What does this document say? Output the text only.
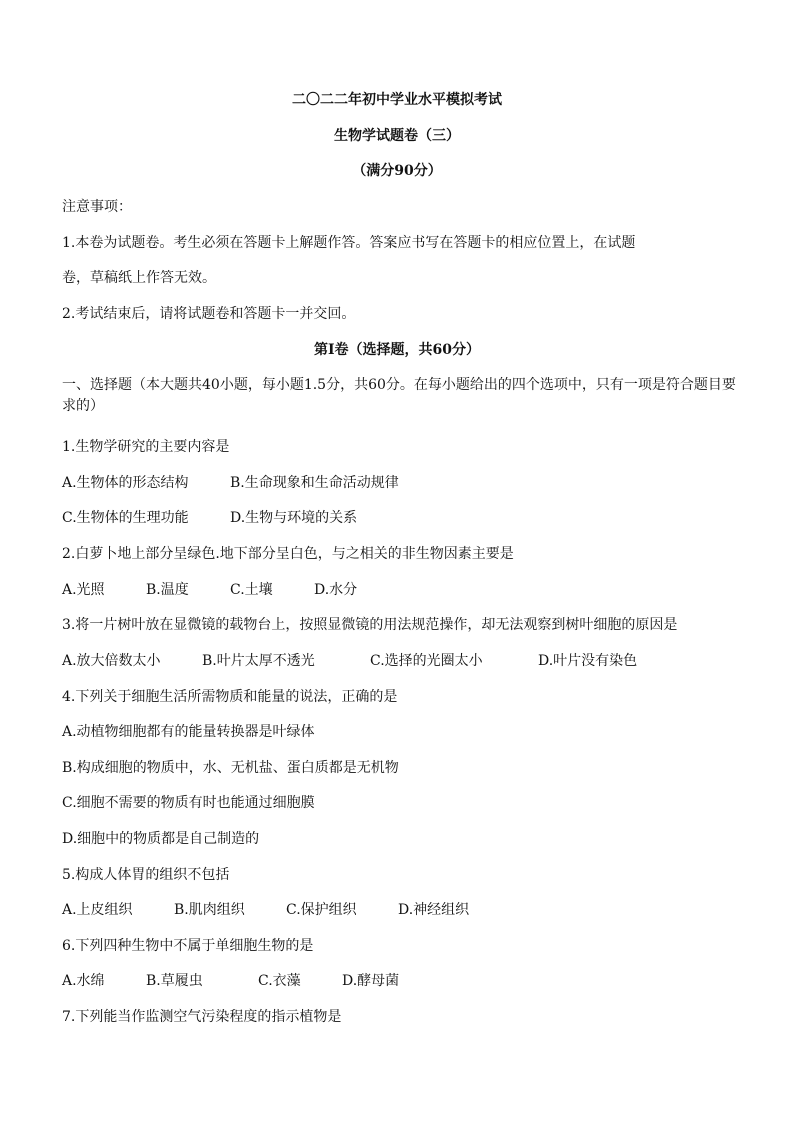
二〇二二年初中学业水平模拟考试
生物学试题卷（三）
（满分90分）
注意事项：
1.本卷为试题卷。考生必须在答题卡上解题作答。答案应书写在答题卡的相应位置上，在试题
卷，草稿纸上作答无效。
2.考试结束后，请将试题卷和答题卡一并交回。
第Ⅰ卷（选择题，共60分）
一、选择题（本大题共40小题，每小题1.5分，共60分。在每小题给出的四个选项中，只有一项是符合题目要求的）
1.生物学研究的主要内容是
A.生物体的形态结构	B.生命现象和生命活动规律
C.生物体的生理功能	D.生物与环境的关系
2.白萝卜地上部分呈绿色.地下部分呈白色，与之相关的非生物因素主要是
A.光照	B.温度	C.土壤	D.水分
3.将一片树叶放在显微镜的载物台上，按照显微镜的用法规范操作，却无法观察到树叶细胞的原因是
A.放大倍数太小	B.叶片太厚不透光	C.选择的光圈太小	D.叶片没有染色
4.下列关于细胞生活所需物质和能量的说法，正确的是
A.动植物细胞都有的能量转换器是叶绿体
B.构成细胞的物质中，水、无机盐、蛋白质都是无机物
C.细胞不需要的物质有时也能通过细胞膜
D.细胞中的物质都是自己制造的
5.构成人体胃的组织不包括
A.上皮组织	B.肌肉组织	C.保护组织	D.神经组织
6.下列四种生物中不属于单细胞生物的是
A.水绵	B.草履虫	C.衣藻	D.酵母菌
7.下列能当作监测空气污染程度的指示植物是
